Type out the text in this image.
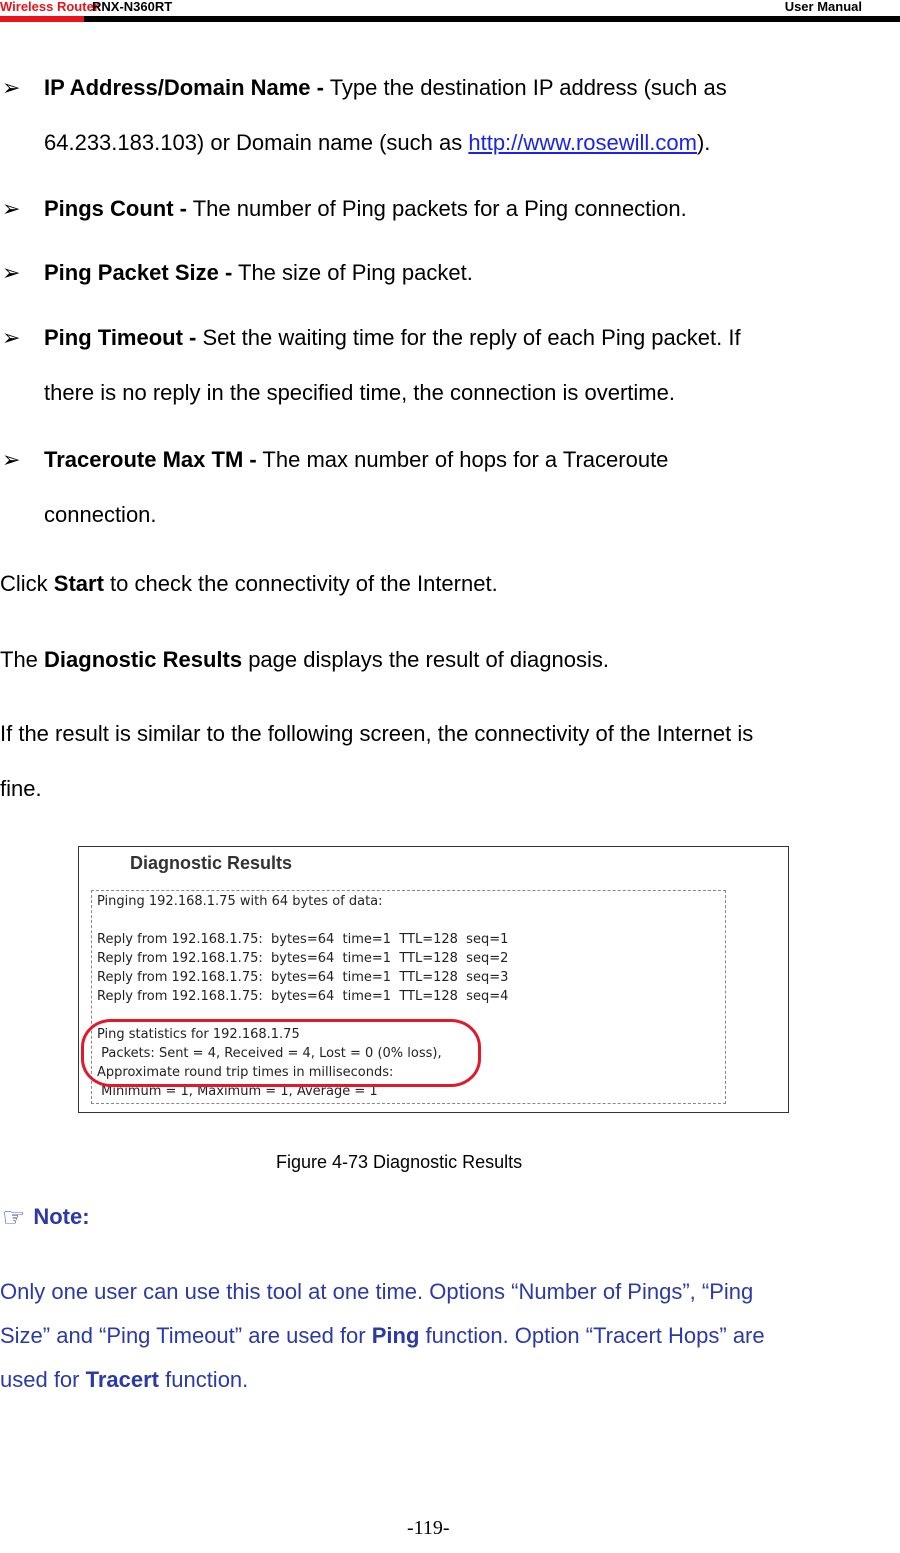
Wireless Router
RNX-N360RT	User Manual
➢ IP Address/Domain Name - Type the destination IP address (such as
64.233.183.103) or Domain name (such as http://www.rosewill.com).
➢ Pings Count - The number of Ping packets for a Ping connection.
➢ Ping Packet Size - The size of Ping packet.
➢ Ping Timeout - Set the waiting time for the reply of each Ping packet. If
there is no reply in the specified time, the connection is overtime.
➢ Traceroute Max TM - The max number of hops for a Traceroute
connection.
Click Start to check the connectivity of the Internet.
The Diagnostic Results page displays the result of diagnosis.
If the result is similar to the following screen, the connectivity of the Internet is
fine.
Diagnostic Results
Pinging 192.168.1.75 with 64 bytes of data:
Reply from 192.168.1.75:  bytes=64  time=1  TTL=128  seq=1
Reply from 192.168.1.75:  bytes=64  time=1  TTL=128  seq=2
Reply from 192.168.1.75:  bytes=64  time=1  TTL=128  seq=3
Reply from 192.168.1.75:  bytes=64  time=1  TTL=128  seq=4
Ping statistics for 192.168.1.75
Packets: Sent = 4, Received = 4, Lost = 0 (0% loss),
Approximate round trip times in milliseconds:
Minimum = 1, Maximum = 1, Average = 1
Figure 4-73 Diagnostic Results
☞ Note:
Only one user can use this tool at one time. Options “Number of Pings”, “Ping
Size” and “Ping Timeout” are used for Ping function. Option “Tracert Hops” are
used for Tracert function.
-119-
